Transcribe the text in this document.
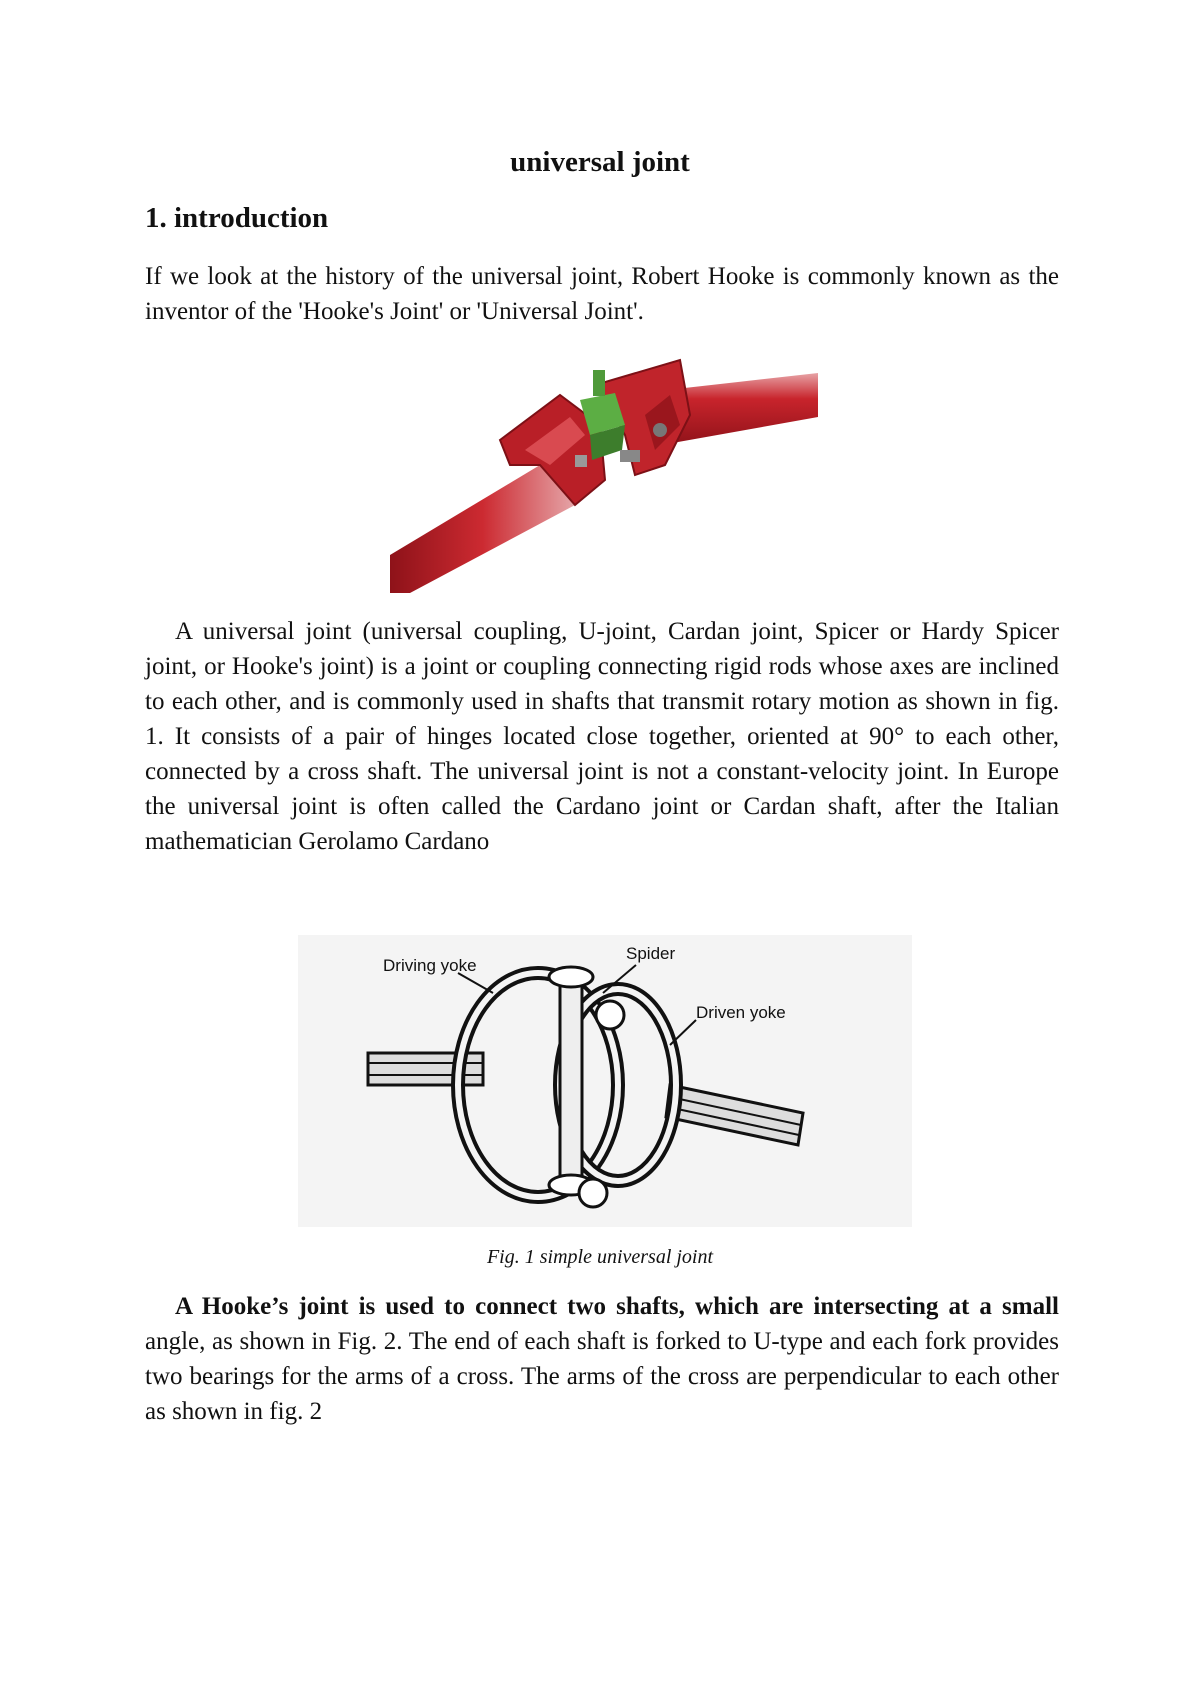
universal joint
1. introduction
If we look at the history of the universal joint, Robert Hooke is commonly known as the inventor of the 'Hooke's Joint' or 'Universal Joint'.
A universal joint (universal coupling, U-joint, Cardan joint, Spicer or Hardy Spicer joint, or Hooke's joint) is a joint or coupling connecting rigid rods whose axes are inclined to each other, and is commonly used in shafts that transmit rotary motion as shown in fig. 1. It consists of a pair of hinges located close together, oriented at 90° to each other, connected by a cross shaft. The universal joint is not a constant-velocity joint. In Europe the universal joint is often called the Cardano joint or Cardan shaft, after the Italian mathematician Gerolamo Cardano
Driving yoke
Spider
Driven yoke
Fig. 1 simple universal joint
A Hooke’s joint is used to connect two shafts, which are intersecting at a small angle, as shown in Fig. 2. The end of each shaft is forked to U-type and each fork provides two bearings for the arms of a cross. The arms of the cross are perpendicular to each other as shown in fig. 2
